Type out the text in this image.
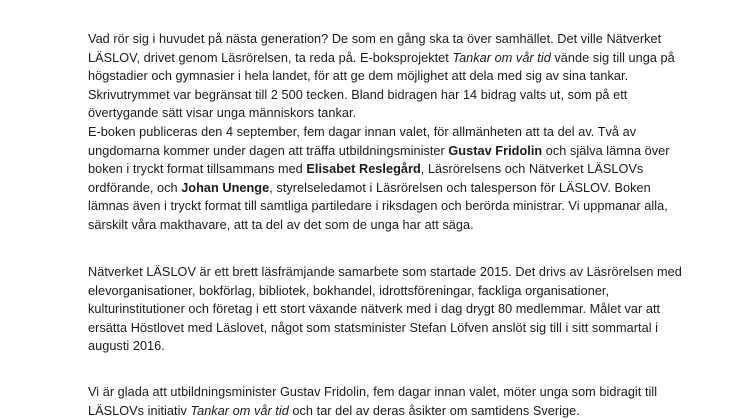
Vad rör sig i huvudet på nästa generation? De som en gång ska ta över samhället. Det ville Nätverket LÄSLOV, drivet genom Läsrörelsen, ta reda på. E-boksprojektet Tankar om vår tid vände sig till unga på högstadier och gymnasier i hela landet, för att ge dem möjlighet att dela med sig av sina tankar. Skrivutrymmet var begränsat till 2 500 tecken. Bland bidragen har 14 bidrag valts ut, som på ett övertygande sätt visar unga människors tankar.

E-boken publiceras den 4 september, fem dagar innan valet, för allmänheten att ta del av. Två av ungdomarna kommer under dagen att träffa utbildningsminister Gustav Fridolin och själva lämna över boken i tryckt format tillsammans med Elisabet Reslegård, Läsrörelsens och Nätverket LÄSLOVs ordförande, och Johan Unenge, styrelseledamot i Läsrörelsen och talesperson för LÄSLOV. Boken lämnas även i tryckt format till samtliga partiledare i riksdagen och berörda ministrar. Vi uppmanar alla, särskilt våra makthavare, att ta del av det som de unga har att säga.

Nätverket LÄSLOV är ett brett läsfrämjande samarbete som startade 2015. Det drivs av Läsrörelsen med elevorganisationer, bokförlag, bibliotek, bokhandel, idrottsföreningar, fackliga organisationer, kulturinstitutioner och företag i ett stort växande nätverk med i dag drygt 80 medlemmar. Målet var att ersätta Höstlovet med Läslovet, något som statsminister Stefan Löfven anslöt sig till i sitt sommartal i augusti 2016.

Vi är glada att utbildningsminister Gustav Fridolin, fem dagar innan valet, möter unga som bidragit till LÄSLOVs initiativ Tankar om vår tid och tar del av deras åsikter om samtidens Sverige.
